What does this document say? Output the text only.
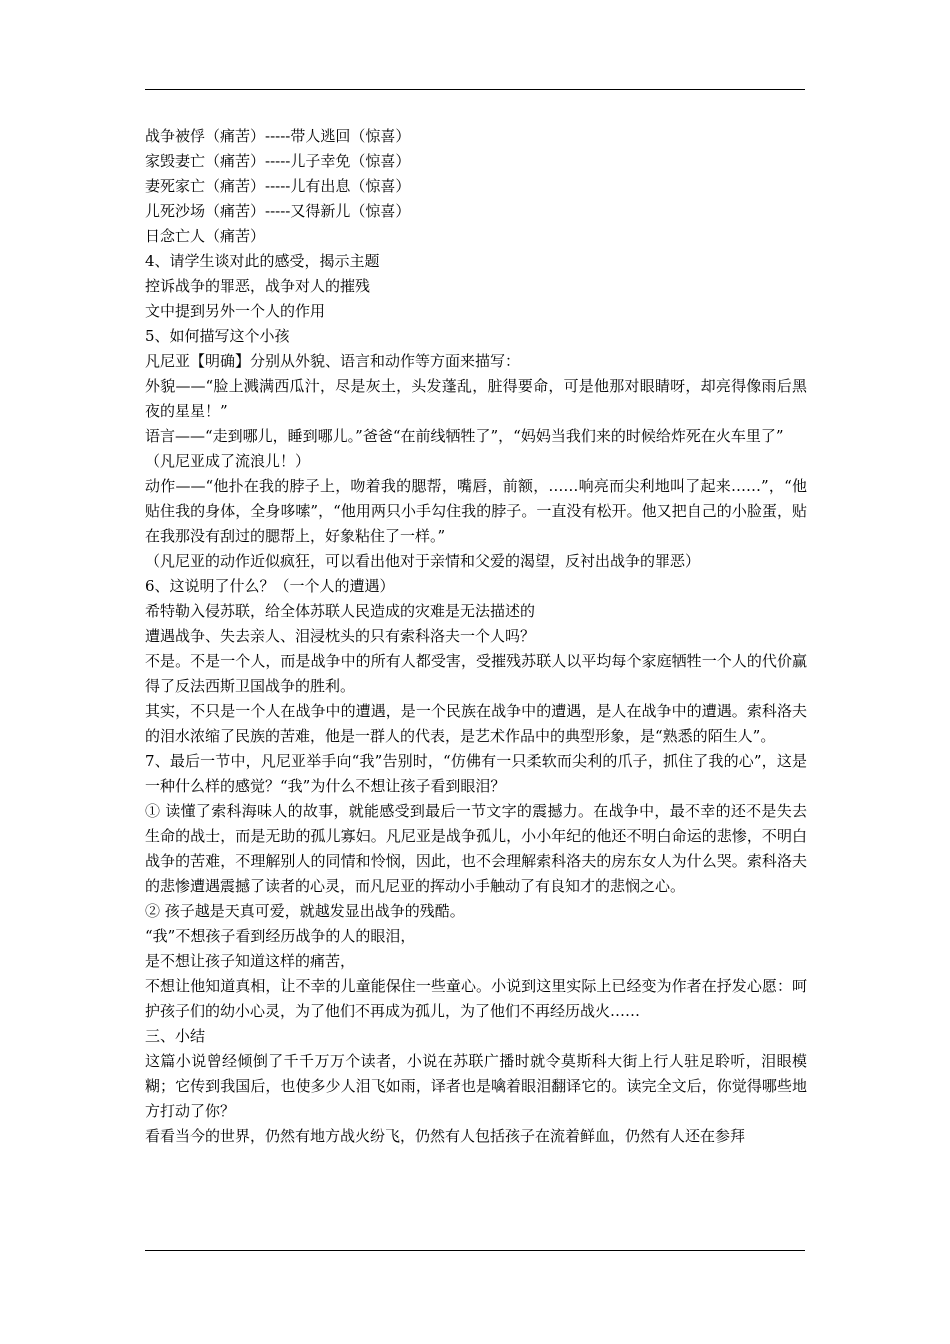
战争被俘（痛苦）-----带人逃回（惊喜）

家毁妻亡（痛苦）-----儿子幸免（惊喜）

妻死家亡（痛苦）-----儿有出息（惊喜）

儿死沙场（痛苦）-----又得新儿（惊喜）

日念亡人（痛苦）

4、请学生谈对此的感受，揭示主题

控诉战争的罪恶，战争对人的摧残

文中提到另外一个人的作用

5、如何描写这个小孩

凡尼亚【明确】分别从外貌、语言和动作等方面来描写：

外貌——“脸上溅满西瓜汁，尽是灰土，头发蓬乱，脏得要命，可是他那对眼睛呀，却亮得像雨后黑夜的星星！”

语言——“走到哪儿，睡到哪儿。”爸爸“在前线牺牲了”，“妈妈当我们来的时候给炸死在火车里了”

（凡尼亚成了流浪儿！）

动作——“他扑在我的脖子上，吻着我的腮帮，嘴唇，前额，……响亮而尖利地叫了起来……”，“他贴住我的身体，全身哆嗦”，“他用两只小手勾住我的脖子。一直没有松开。他又把自己的小脸蛋，贴在我那没有刮过的腮帮上，好象粘住了一样。”

（凡尼亚的动作近似疯狂，可以看出他对于亲情和父爱的渴望，反衬出战争的罪恶）

6、这说明了什么？（一个人的遭遇）

希特勒入侵苏联，给全体苏联人民造成的灾难是无法描述的

遭遇战争、失去亲人、泪浸枕头的只有索科洛夫一个人吗？

不是。不是一个人，而是战争中的所有人都受害，受摧残苏联人以平均每个家庭牺牲一个人的代价赢得了反法西斯卫国战争的胜利。

其实，不只是一个人在战争中的遭遇，是一个民族在战争中的遭遇，是人在战争中的遭遇。索科洛夫的泪水浓缩了民族的苦难，他是一群人的代表，是艺术作品中的典型形象，是“熟悉的陌生人”。

7、最后一节中，凡尼亚举手向“我”告别时，“仿佛有一只柔软而尖利的爪子，抓住了我的心”，这是一种什么样的感觉？“我”为什么不想让孩子看到眼泪？

① 读懂了索科海味人的故事，就能感受到最后一节文字的震撼力。在战争中，最不幸的还不是失去生命的战士，而是无助的孤儿寡妇。凡尼亚是战争孤儿，小小年纪的他还不明白命运的悲惨，不明白战争的苦难，不理解别人的同情和怜悯，因此，也不会理解索科洛夫的房东女人为什么哭。索科洛夫的悲惨遭遇震撼了读者的心灵，而凡尼亚的挥动小手触动了有良知才的悲悯之心。

② 孩子越是天真可爱，就越发显出战争的残酷。

“我”不想孩子看到经历战争的人的眼泪，

是不想让孩子知道这样的痛苦，

不想让他知道真相，让不幸的儿童能保住一些童心。小说到这里实际上已经变为作者在抒发心愿：呵护孩子们的幼小心灵，为了他们不再成为孤儿，为了他们不再经历战火……

三、小结

这篇小说曾经倾倒了千千万万个读者，小说在苏联广播时就令莫斯科大街上行人驻足聆听，泪眼模糊；它传到我国后，也使多少人泪飞如雨，译者也是噙着眼泪翻译它的。读完全文后，你觉得哪些地方打动了你？

看看当今的世界，仍然有地方战火纷飞，仍然有人包括孩子在流着鲜血，仍然有人还在参拜
